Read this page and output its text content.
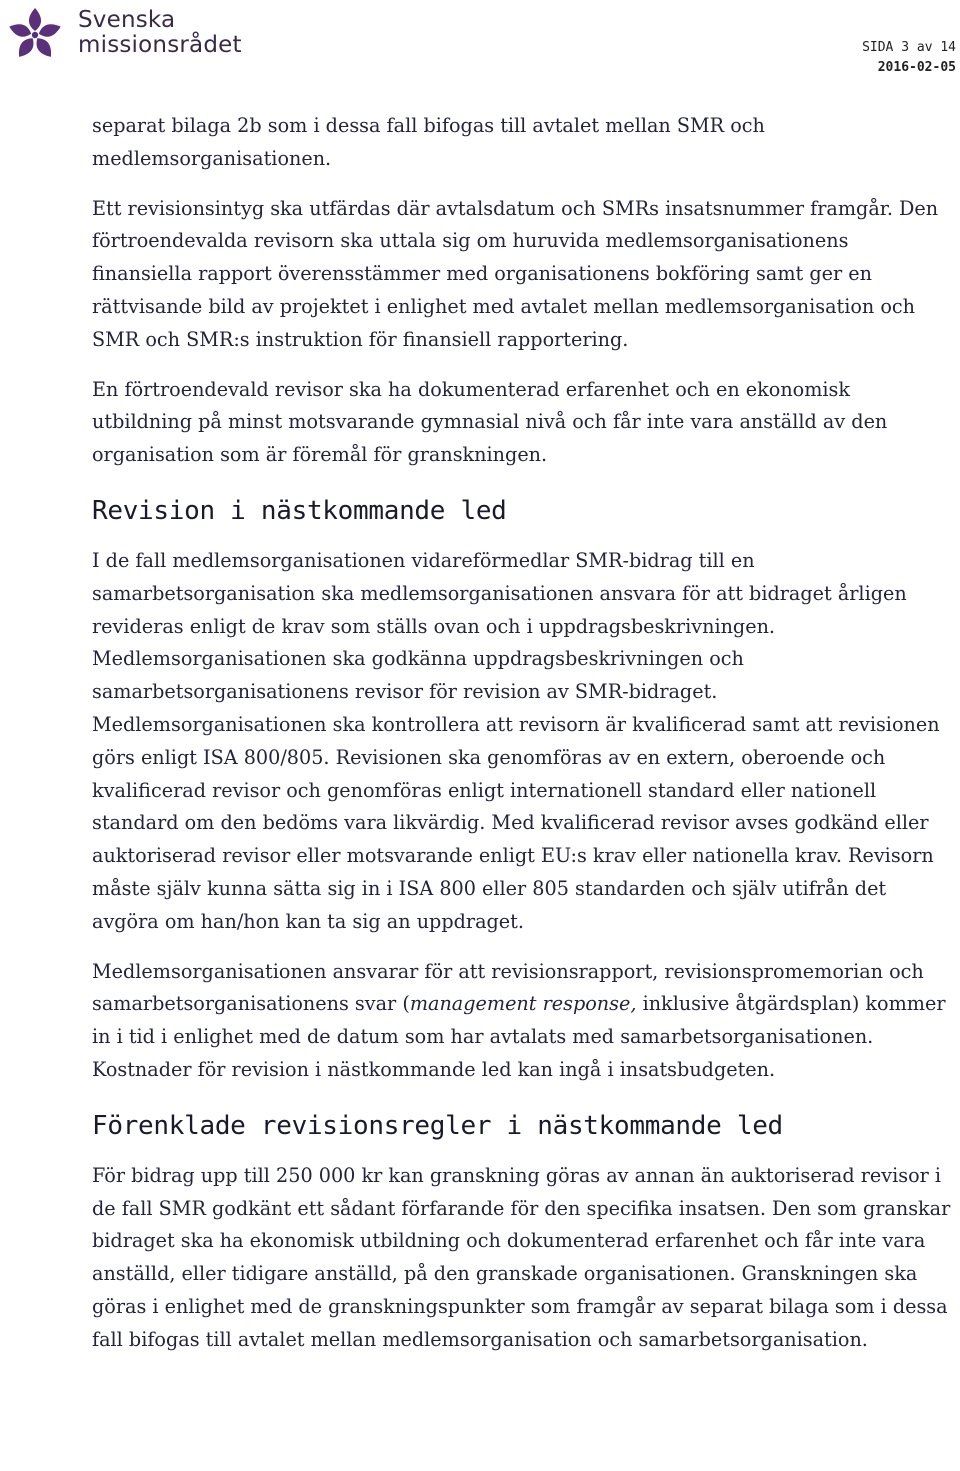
Svenska
missionsrådet	SIDA 3 av 14
2016-02-05

separat bilaga 2b som i dessa fall bifogas till avtalet mellan SMR och medlemsorganisationen.

Ett revisionsintyg ska utfärdas där avtalsdatum och SMRs insatsnummer framgår. Den förtroendevalda revisorn ska uttala sig om huruvida medlemsorganisationens finansiella rapport överensstämmer med organisationens bokföring samt ger en rättvisande bild av projektet i enlighet med avtalet mellan medlemsorganisation och SMR och SMR:s instruktion för finansiell rapportering.

En förtroendevald revisor ska ha dokumenterad erfarenhet och en ekonomisk utbildning på minst motsvarande gymnasial nivå och får inte vara anställd av den organisation som är föremål för granskningen.

Revision i nästkommande led

I de fall medlemsorganisationen vidareförmedlar SMR-bidrag till en samarbetsorganisation ska medlemsorganisationen ansvara för att bidraget årligen revideras enligt de krav som ställs ovan och i uppdragsbeskrivningen. Medlemsorganisationen ska godkänna uppdragsbeskrivningen och samarbetsorganisationens revisor för revision av SMR-bidraget. Medlemsorganisationen ska kontrollera att revisorn är kvalificerad samt att revisionen görs enligt ISA 800/805. Revisionen ska genomföras av en extern, oberoende och kvalificerad revisor och genomföras enligt internationell standard eller nationell standard om den bedöms vara likvärdig. Med kvalificerad revisor avses godkänd eller auktoriserad revisor eller motsvarande enligt EU:s krav eller nationella krav. Revisorn måste själv kunna sätta sig in i ISA 800 eller 805 standarden och själv utifrån det avgöra om han/hon kan ta sig an uppdraget.

Medlemsorganisationen ansvarar för att revisionsrapport, revisionspromemorian och samarbetsorganisationens svar (management response, inklusive åtgärdsplan) kommer in i tid i enlighet med de datum som har avtalats med samarbetsorganisationen. Kostnader för revision i nästkommande led kan ingå i insatsbudgeten.

Förenklade revisionsregler i nästkommande led

För bidrag upp till 250 000 kr kan granskning göras av annan än auktoriserad revisor i de fall SMR godkänt ett sådant förfarande för den specifika insatsen. Den som granskar bidraget ska ha ekonomisk utbildning och dokumenterad erfarenhet och får inte vara anställd, eller tidigare anställd, på den granskade organisationen. Granskningen ska göras i enlighet med de granskningspunkter som framgår av separat bilaga som i dessa fall bifogas till avtalet mellan medlemsorganisation och samarbetsorganisation.
